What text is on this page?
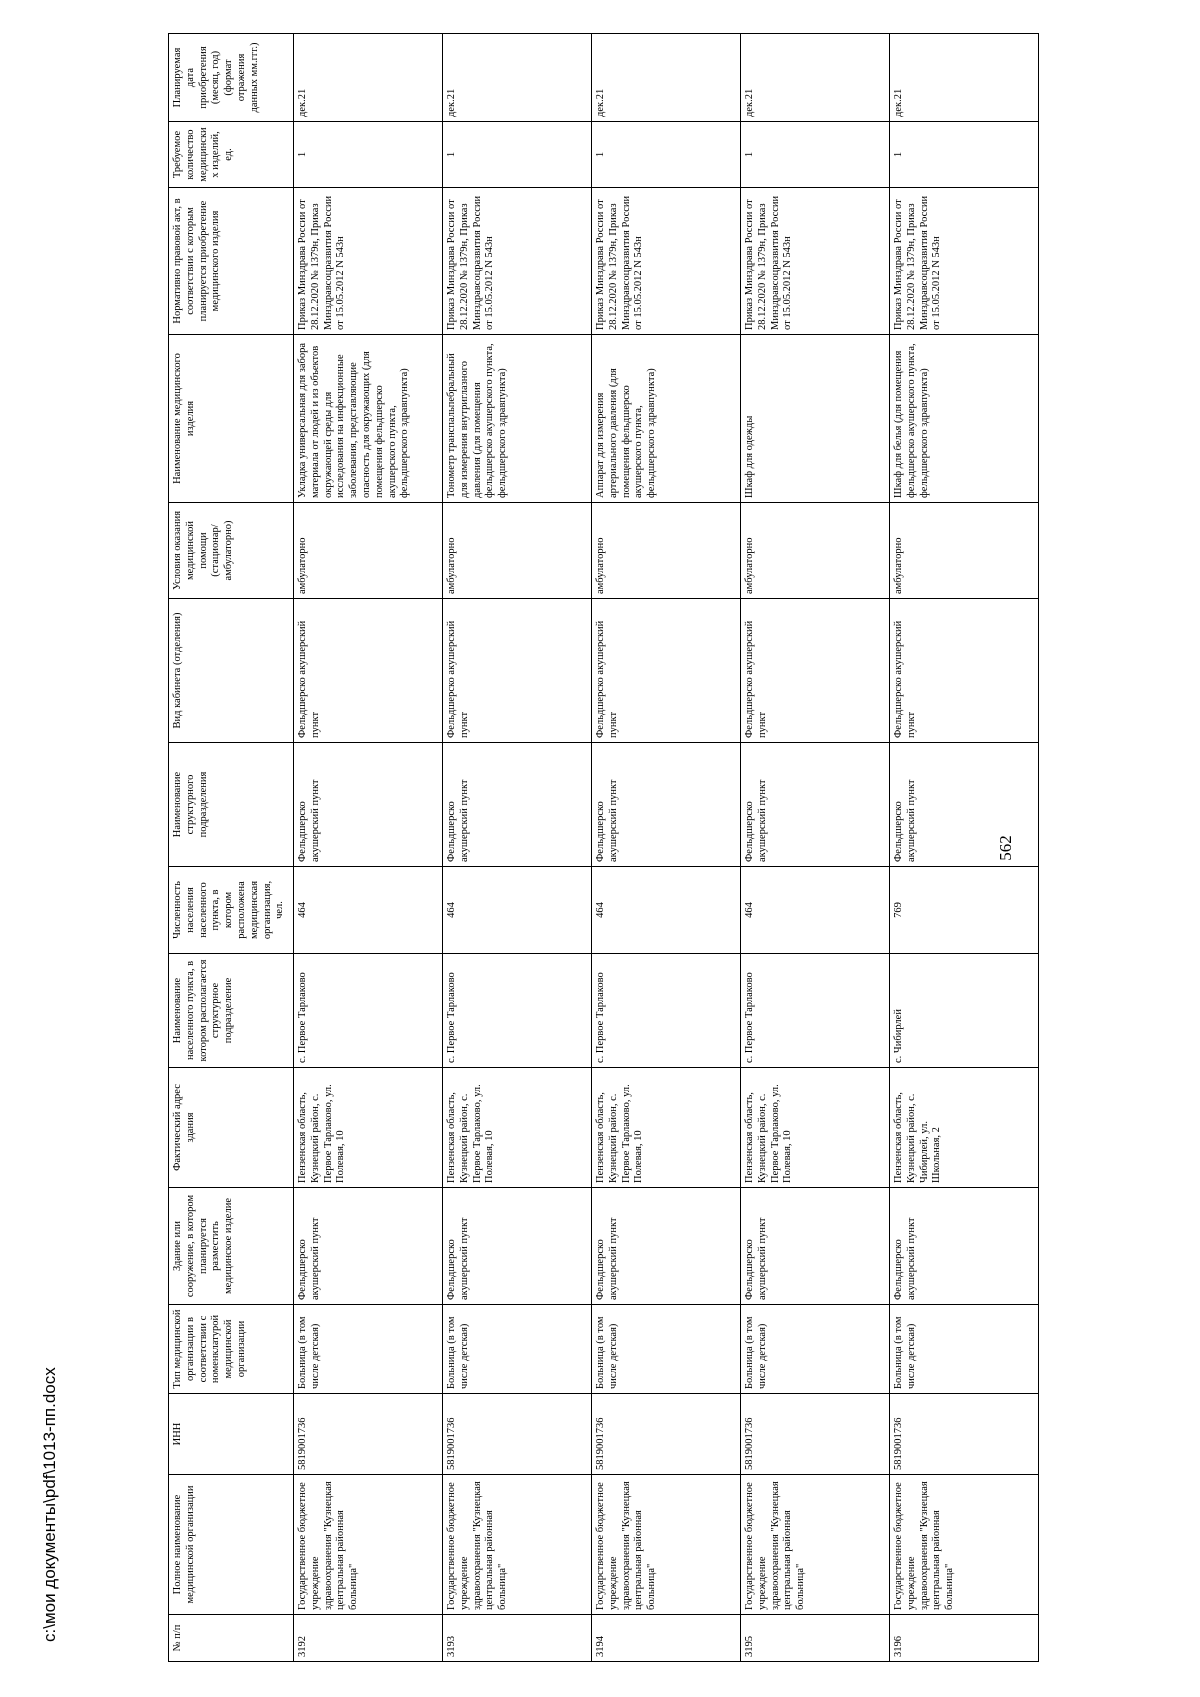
№ п/п	Полное наименование медицинской организации	ИНН	Тип медицинской организации в соответствии с номенклатурой медицинской организации	Здание или сооружение, в котором планируется разместить медицинское изделие	Фактический адрес здания	Наименование населенного пункта, в котором располагается структурное подразделение	Численность населения населенного пункта, в котором расположена медицинская организация, чел.	Наименование структурного подразделения	Вид кабинета (отделения)	Условия оказания медицинской помощи (стационар/ амбулаторно)	Наименование медицинского изделия	Нормативно правовой акт, в соответствии с которым планируется приобретение медицинского изделия	Требуемое количество медицинских изделий, ед.	Планируемая дата приобретения (месяц, год) (формат отражения данных мм.ггг.)
3192	Государственное бюджетное учреждение здравоохранения "Кузнецкая центральная районная больница"	5819001736	Больница (в том числе детская)	Фельдшерско акушерский пункт	Пензенская область, Кузнецкий район, с. Первое Тарлаково, ул. Полевая, 10	с. Первое Тарлаково	464	Фельдшерско акушерский пункт	Фельдшерско акушерский пункт	амбулаторно	Укладка универсальная для забора материала от людей и из объектов окружающей среды для исследования на инфекционные заболевания, представляющие опасность для окружающих (для помещения фельдшерско акушерского пункта, фельдшерского здравпункта)	Приказ Минздрава России от 28.12.2020 № 1379н, Приказ Минздравсоцразвития России от 15.05.2012 N 543н	1	дек.21
3193	Государственное бюджетное учреждение здравоохранения "Кузнецкая центральная районная больница"	5819001736	Больница (в том числе детская)	Фельдшерско акушерский пункт	Пензенская область, Кузнецкий район, с. Первое Тарлаково, ул. Полевая, 10	с. Первое Тарлаково	464	Фельдшерско акушерский пункт	Фельдшерско акушерский пункт	амбулаторно	Тонометр транспальпебральный для измерения внутриглазного давления (для помещения фельдшерско акушерского пункта, фельдшерского здравпункта)	Приказ Минздрава России от 28.12.2020 № 1379н, Приказ Минздравсоцразвития России от 15.05.2012 N 543н	1	дек.21
3194	Государственное бюджетное учреждение здравоохранения "Кузнецкая центральная районная больница"	5819001736	Больница (в том числе детская)	Фельдшерско акушерский пункт	Пензенская область, Кузнецкий район, с. Первое Тарлаково, ул. Полевая, 10	с. Первое Тарлаково	464	Фельдшерско акушерский пункт	Фельдшерско акушерский пункт	амбулаторно	Аппарат для измерения артериального давления (для помещения фельдшерско акушерского пункта, фельдшерского здравпункта)	Приказ Минздрава России от 28.12.2020 № 1379н, Приказ Минздравсоцразвития России от 15.05.2012 N 543н	1	дек.21
3195	Государственное бюджетное учреждение здравоохранения "Кузнецкая центральная районная больница"	5819001736	Больница (в том числе детская)	Фельдшерско акушерский пункт	Пензенская область, Кузнецкий район, с. Первое Тарлаково, ул. Полевая, 10	с. Первое Тарлаково	464	Фельдшерско акушерский пункт	Фельдшерско акушерский пункт	амбулаторно	Шкаф для одежды	Приказ Минздрава России от 28.12.2020 № 1379н, Приказ Минздравсоцразвития России от 15.05.2012 N 543н	1	дек.21
3196	Государственное бюджетное учреждение здравоохранения "Кузнецкая центральная районная больница"	5819001736	Больница (в том числе детская)	Фельдшерско акушерский пункт	Пензенская область, Кузнецкий район, с. Чибирлей, ул. Школьная, 2	с. Чибирлей	769	Фельдшерско акушерский пункт	Фельдшерско акушерский пункт	амбулаторно	Шкаф для белья (для помещения фельдшерско акушерского пункта, фельдшерского здравпункта)	Приказ Минздрава России от 28.12.2020 № 1379н, Приказ Минздравсоцразвития России от 15.05.2012 N 543н	1	дек.21
562
c:\мои документы\pdf\1013-пп.docx
